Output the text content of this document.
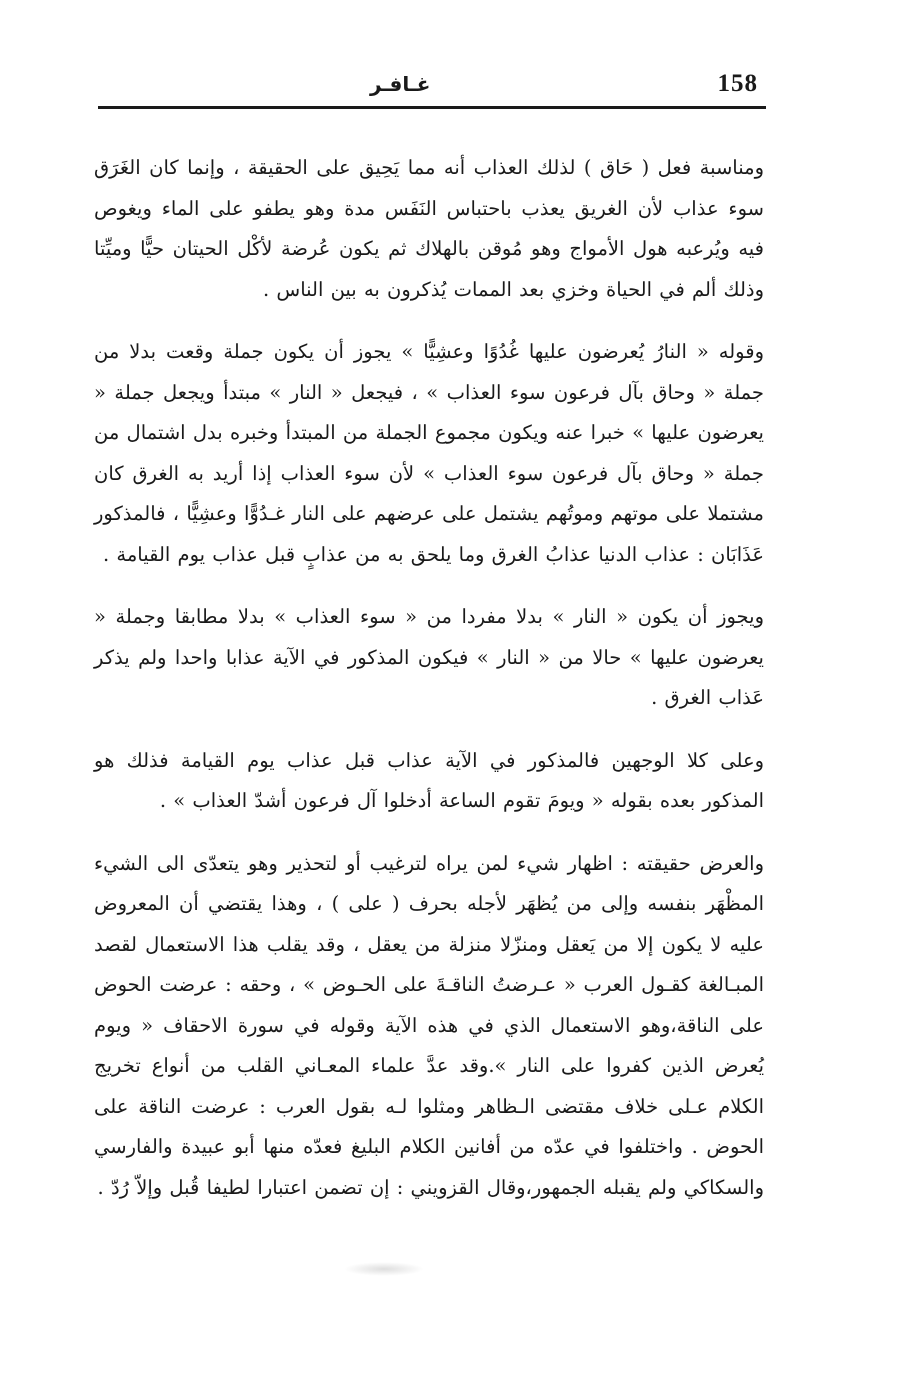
158
غـافـر

ومناسبة فعل ( حَاق ) لذلك العذاب أنه مما يَحِيق على الحقيقة ، وإنما كان الغَرَق سوء عذاب لأن الغريق يعذب باحتباس النَفَس مدة وهو يطفو على الماء ويغوص فيه ويُرعبه هول الأمواج وهو مُوقن بالهلاك ثم يكون عُرضة لأكْل الحيتان حيًّا وميِّتا وذلك ألم في الحياة وخزي بعد الممات يُذكرون به بين الناس .

وقوله « النارُ يُعرضون عليها غُدُوًا وعشِيًّا » يجوز أن يكون جملة وقعت بدلا من جملة « وحاق بآل فرعون سوء العذاب » ، فيجعل « النار » مبتدأ ويجعل جملة « يعرضون عليها » خبرا عنه ويكون مجموع الجملة من المبتدأ وخبره بدل اشتمال من جملة « وحاق بآل فرعون سوء العذاب » لأن سوء العذاب إذا أريد به الغرق كان مشتملا على موتهم وموتُهم يشتمل على عرضهم على النار غـدُوًّا وعشِيًّا ، فالمذكور عَذَابَان : عذاب الدنيا عذابُ الغرق وما يلحق به من عذابٍ قبل عذاب يوم القيامة .

ويجوز أن يكون « النار » بدلا مفردا من « سوء العذاب » بدلا مطابقا وجملة « يعرضون عليها » حالا من « النار » فيكون المذكور في الآية عذابا واحدا ولم يذكر عَذاب الغرق .

وعلى كلا الوجهين فالمذكور في الآية عذاب قبل عذاب يوم القيامة فذلك هو المذكور بعده بقوله « ويومَ تقوم الساعة أدخلوا آل فرعون أشدّ العذاب » .

والعرض حقيقته : اظهار شيء لمن يراه لترغيب أو لتحذير وهو يتعدّى الى الشيء المظْهَر بنفسه وإلى من يُظهَر لأجله بحرف ( على ) ، وهذا يقتضي أن المعروض عليه لا يكون إلا من يَعقل ومنزّلا منزلة من يعقل ، وقد يقلب هذا الاستعمال لقصد المبـالغة كقـول العرب « عـرضتُ الناقـةَ على الحـوض » ، وحقه : عرضت الحوض على الناقة،وهو الاستعمال الذي في هذه الآية وقوله في سورة الاحقاف « ويوم يُعرض الذين كفروا على النار ».وقد عدَّ علماء المعـاني القلب من أنواع تخريج الكلام عـلى خلاف مقتضى الـظاهر ومثلوا لـه بقول العرب : عرضت الناقة على الحوض . واختلفوا في عدّه من أفانين الكلام البليغ فعدّه منها أبو عبيدة والفارسي والسكاكي ولم يقبله الجمهور،وقال القزويني : إن تضمن اعتبارا لطيفا قُبل وإلاّ رُدّ .
